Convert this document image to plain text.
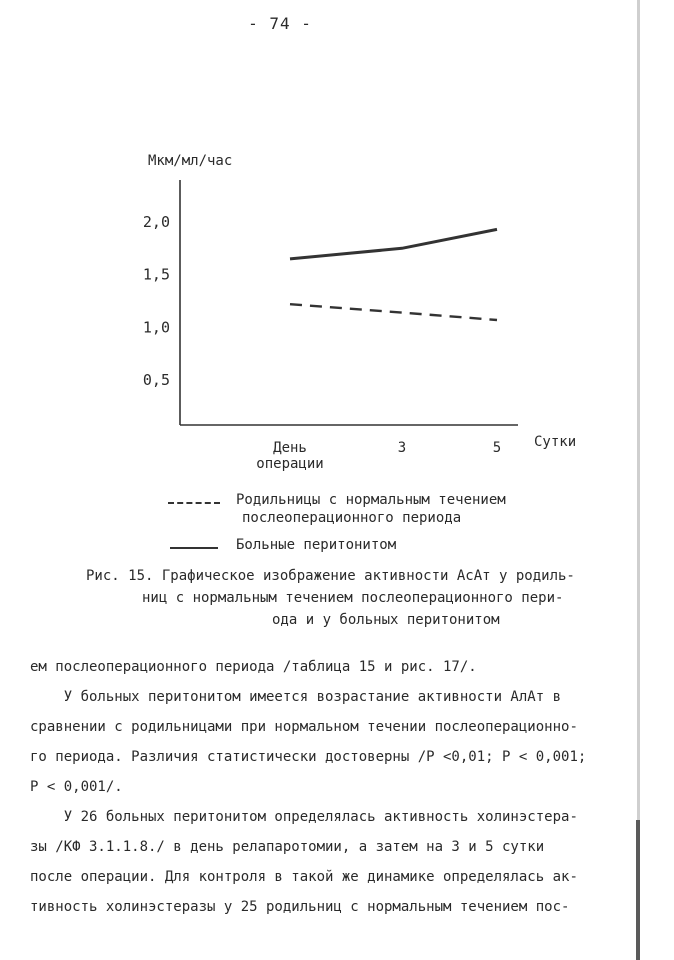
- 74 -
Мкм/мл/час
2,0
1,5
1,0
0,5
День
операции
3	5 Сутки
Родильницы с нормальным течением
послеоперационного периода
Больные перитонитом
Рис. 15. Графическое изображение активности АсАт у родиль-
ниц с нормальным течением послеоперационного пери-
ода и у больных перитонитом
ем послеоперационного периода /таблица 15 и рис. 17/.
У больных перитонитом имеется возрастание активности АлАт в
сравнении с родильницами при нормальном течении послеоперационно-
го периода. Различия статистически достоверны /Р <0,01; Р < 0,001;
Р < 0,001/.
У 26 больных перитонитом определялась активность холинэстера-
зы /КФ 3.1.1.8./ в день релапаротомии, а затем на 3 и 5 сутки
после операции. Для контроля в такой же динамике определялась ак-
тивность холинэстеразы у 25 родильниц с нормальным течением пос-
